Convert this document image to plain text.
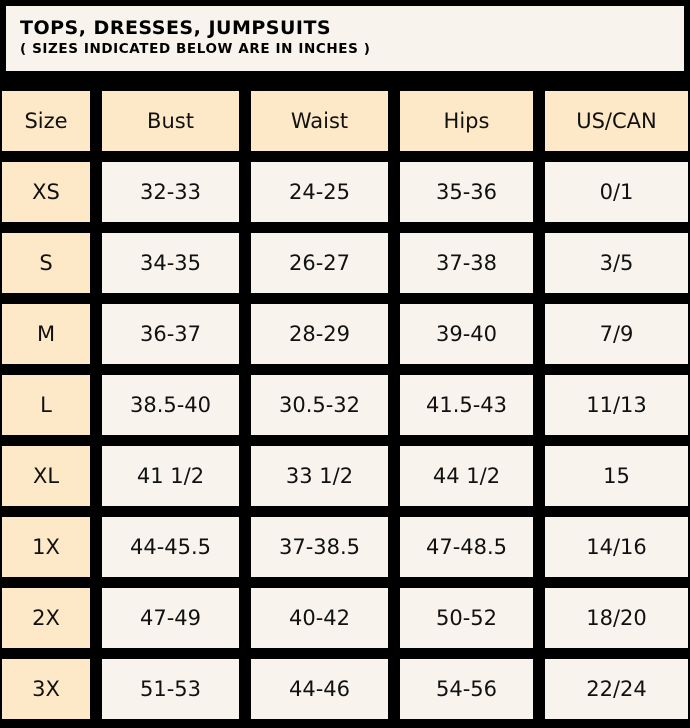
TOPS, DRESSES, JUMPSUITS
( SIZES INDICATED BELOW ARE IN INCHES )
Size	Bust	Waist	Hips	US/CAN
XS	32-33	24-25	35-36	0/1
S	34-35	26-27	37-38	3/5
M	36-37	28-29	39-40	7/9
L	38.5-40	30.5-32	41.5-43	11/13
XL	41 1/2	33 1/2	44 1/2	15
1X	44-45.5	37-38.5	47-48.5	14/16
2X	47-49	40-42	50-52	18/20
3X	51-53	44-46	54-56	22/24
